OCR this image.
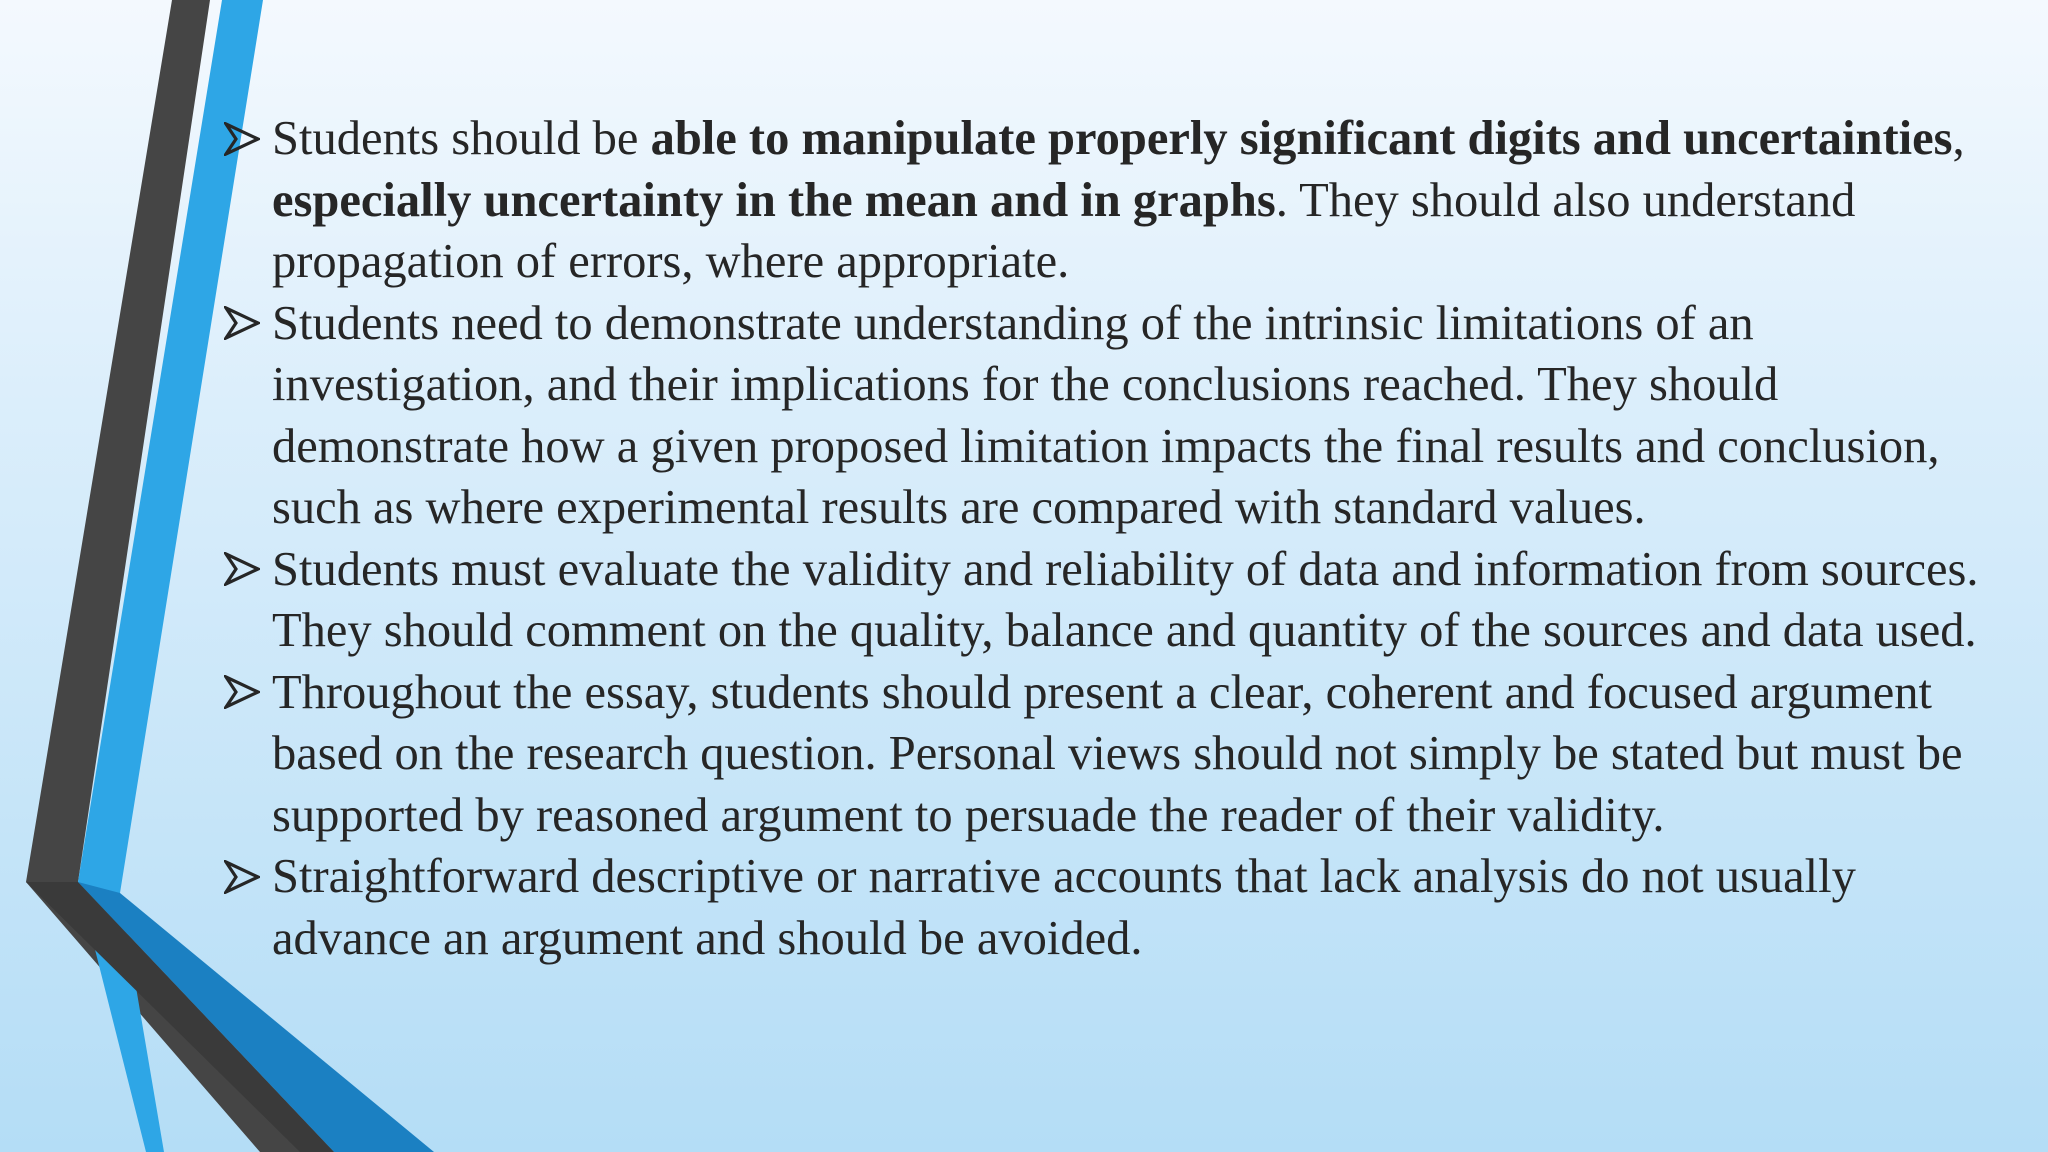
Students should be able to manipulate properly significant digits and uncertainties, especially uncertainty in the mean and in graphs. They should also understand propagation of errors, where appropriate.

Students need to demonstrate understanding of the intrinsic limitations of an investigation, and their implications for the conclusions reached. They should demonstrate how a given proposed limitation impacts the final results and conclusion, such as where experimental results are compared with standard values.

Students must evaluate the validity and reliability of data and information from sources. They should comment on the quality, balance and quantity of the sources and data used.

Throughout the essay, students should present a clear, coherent and focused argument based on the research question. Personal views should not simply be stated but must be supported by reasoned argument to persuade the reader of their validity.

Straightforward descriptive or narrative accounts that lack analysis do not usually advance an argument and should be avoided.
